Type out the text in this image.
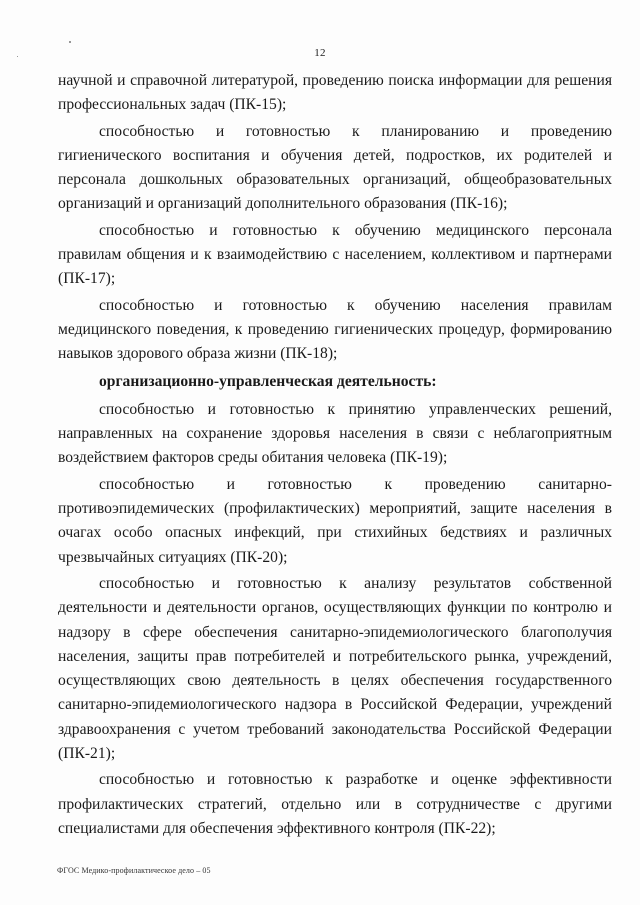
12

научной и справочной литературой, проведению поиска информации для решения профессиональных задач (ПК-15);

способностью и готовностью к планированию и проведению гигиенического воспитания и обучения детей, подростков, их родителей и персонала дошкольных образовательных организаций, общеобразовательных организаций и организаций дополнительного образования (ПК-16);

способностью и готовностью к обучению медицинского персонала правилам общения и к взаимодействию с населением, коллективом и партнерами (ПК-17);

способностью и готовностью к обучению населения правилам медицинского поведения, к проведению гигиенических процедур, формированию навыков здорового образа жизни (ПК-18);

организационно-управленческая деятельность:

способностью и готовностью к принятию управленческих решений, направленных на сохранение здоровья населения в связи с неблагоприятным воздействием факторов среды обитания человека (ПК-19);

способностью и готовностью к проведению санитарно-противоэпидемических (профилактических) мероприятий, защите населения в очагах особо опасных инфекций, при стихийных бедствиях и различных чрезвычайных ситуациях (ПК-20);

способностью и готовностью к анализу результатов собственной деятельности и деятельности органов, осуществляющих функции по контролю и надзору в сфере обеспечения санитарно-эпидемиологического благополучия населения, защиты прав потребителей и потребительского рынка, учреждений, осуществляющих свою деятельность в целях обеспечения государственного санитарно-эпидемиологического надзора в Российской Федерации, учреждений здравоохранения с учетом требований законодательства Российской Федерации (ПК-21);

способностью и готовностью к разработке и оценке эффективности профилактических стратегий, отдельно или в сотрудничестве с другими специалистами для обеспечения эффективного контроля (ПК-22);

ФГОС Медико-профилактическое дело – 05
